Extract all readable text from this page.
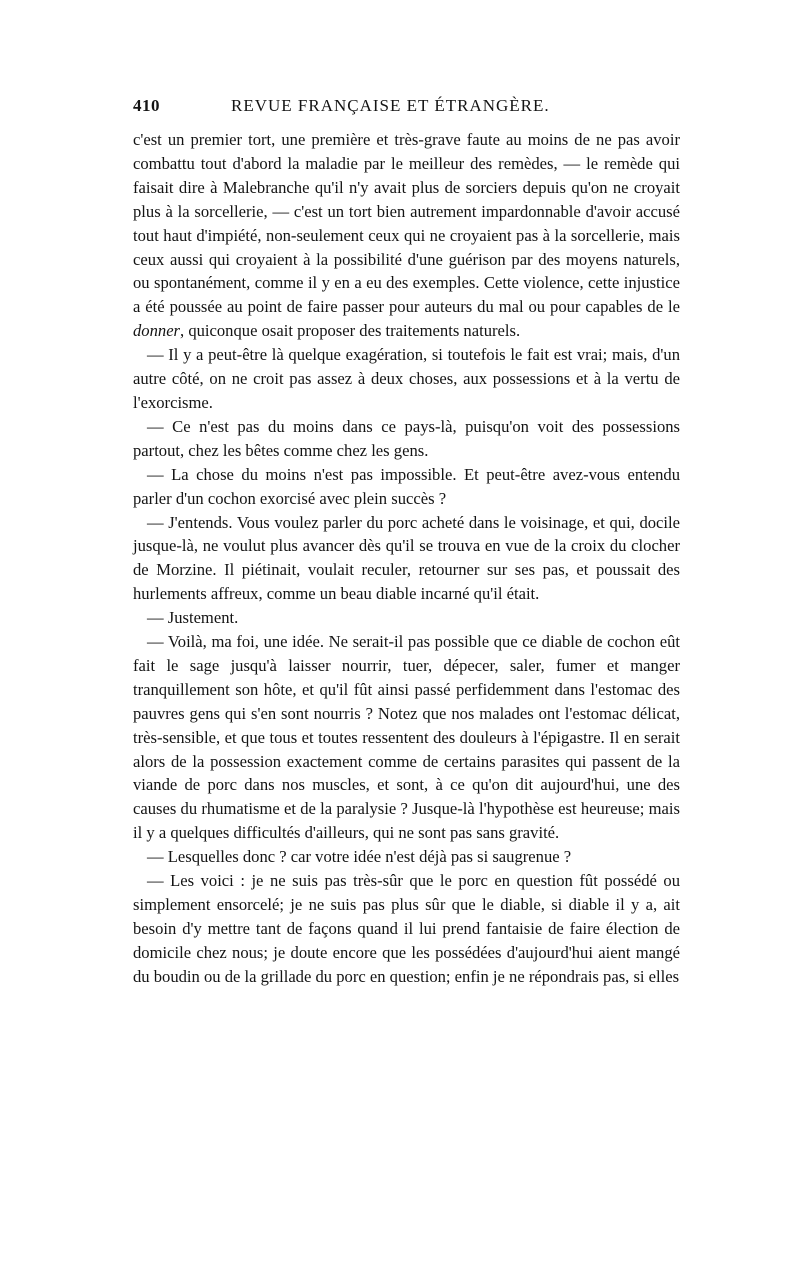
410	REVUE FRANÇAISE ET ÉTRANGÈRE.

c'est un premier tort, une première et très-grave faute au moins de ne pas avoir combattu tout d'abord la maladie par le meilleur des remèdes, — le remède qui faisait dire à Malebranche qu'il n'y avait plus de sorciers depuis qu'on ne croyait plus à la sorcellerie, — c'est un tort bien autrement impardonnable d'avoir accusé tout haut d'impiété, non-seulement ceux qui ne croyaient pas à la sorcellerie, mais ceux aussi qui croyaient à la possibilité d'une guérison par des moyens naturels, ou spontanément, comme il y en a eu des exemples. Cette violence, cette injustice a été poussée au point de faire passer pour auteurs du mal ou pour capables de le donner, quiconque osait proposer des traitements naturels.

— Il y a peut-être là quelque exagération, si toutefois le fait est vrai; mais, d'un autre côté, on ne croit pas assez à deux choses, aux possessions et à la vertu de l'exorcisme.

— Ce n'est pas du moins dans ce pays-là, puisqu'on voit des possessions partout, chez les bêtes comme chez les gens.

— La chose du moins n'est pas impossible. Et peut-être avez-vous entendu parler d'un cochon exorcisé avec plein succès ?

— J'entends. Vous voulez parler du porc acheté dans le voisinage, et qui, docile jusque-là, ne voulut plus avancer dès qu'il se trouva en vue de la croix du clocher de Morzine. Il piétinait, voulait reculer, retourner sur ses pas, et poussait des hurlements affreux, comme un beau diable incarné qu'il était.

— Justement.

— Voilà, ma foi, une idée. Ne serait-il pas possible que ce diable de cochon eût fait le sage jusqu'à laisser nourrir, tuer, dépecer, saler, fumer et manger tranquillement son hôte, et qu'il fût ainsi passé perfidemment dans l'estomac des pauvres gens qui s'en sont nourris ? Notez que nos malades ont l'estomac délicat, très-sensible, et que tous et toutes ressentent des douleurs à l'épigastre. Il en serait alors de la possession exactement comme de certains parasites qui passent de la viande de porc dans nos muscles, et sont, à ce qu'on dit aujourd'hui, une des causes du rhumatisme et de la paralysie ? Jusque-là l'hypothèse est heureuse; mais il y a quelques difficultés d'ailleurs, qui ne sont pas sans gravité.

— Lesquelles donc ? car votre idée n'est déjà pas si saugrenue ?

— Les voici : je ne suis pas très-sûr que le porc en question fût possédé ou simplement ensorcelé; je ne suis pas plus sûr que le diable, si diable il y a, ait besoin d'y mettre tant de façons quand il lui prend fantaisie de faire élection de domicile chez nous; je doute encore que les possédées d'aujourd'hui aient mangé du boudin ou de la grillade du porc en question; enfin je ne répondrais pas, si elles
